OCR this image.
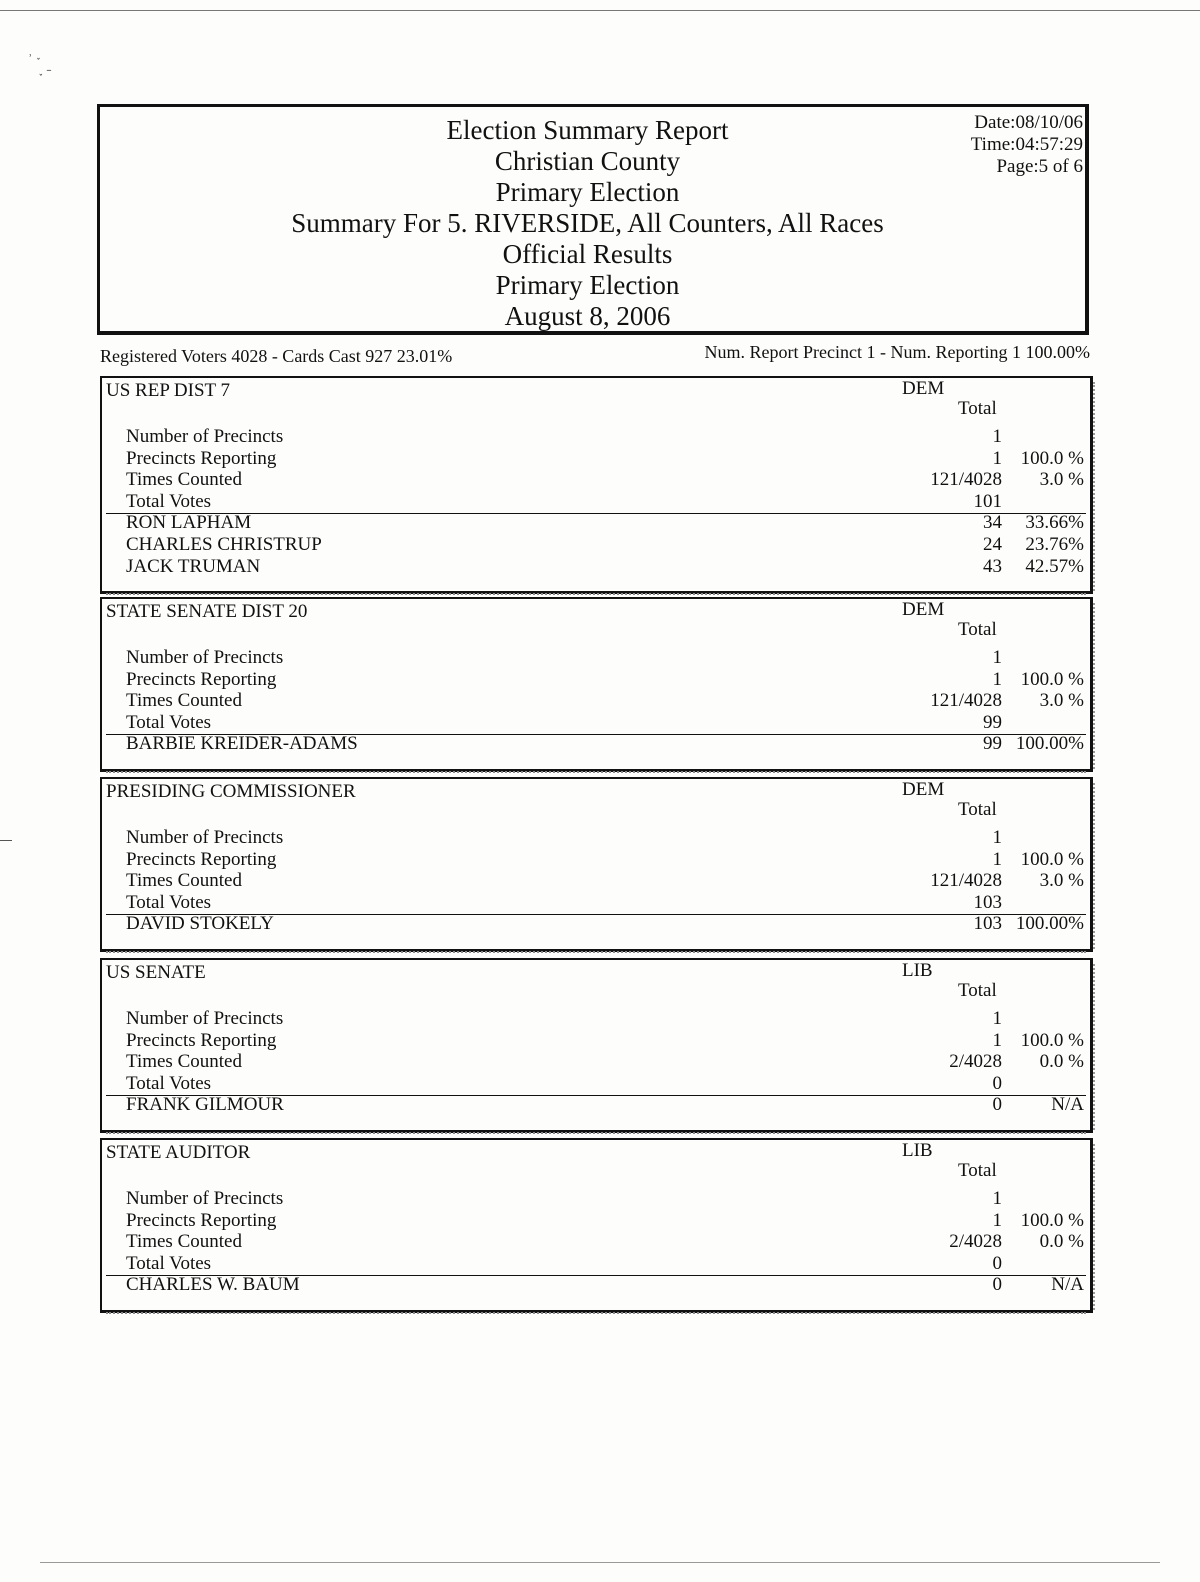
˒ ˯
˯ ˗
Election Summary Report
Christian County
Primary Election
Summary For 5. RIVERSIDE, All Counters, All Races
Official Results
Primary Election
August 8, 2006
Date:08/10/06
Time:04:57:29
Page:5 of 6
Registered Voters 4028 - Cards Cast 927 23.01%	Num. Report Precinct 1 - Num. Reporting 1 100.00%
US REP DIST 7	DEM
Total
Number of Precincts	1
Precincts Reporting	1 100.0 %
Times Counted	121/4028 3.0 %
Total Votes	101
RON LAPHAM	34 33.66%
CHARLES CHRISTRUP	24 23.76%
JACK TRUMAN	43 42.57%
STATE SENATE DIST 20	DEM
Total
Number of Precincts	1
Precincts Reporting	1 100.0 %
Times Counted	121/4028 3.0 %
Total Votes	99
BARBIE KREIDER-ADAMS	99 100.00%
PRESIDING COMMISSIONER	DEM
Total
Number of Precincts	1
Precincts Reporting	1 100.0 %
Times Counted	121/4028 3.0 %
Total Votes	103
DAVID STOKELY	103 100.00%
US SENATE	LIB
Total
Number of Precincts	1
Precincts Reporting	1 100.0 %
Times Counted	2/4028 0.0 %
Total Votes	0
FRANK GILMOUR	0	N/A
STATE AUDITOR	LIB
Total
Number of Precincts	1
Precincts Reporting	1 100.0 %
Times Counted	2/4028 0.0 %
Total Votes	0
CHARLES W. BAUM	0	N/A
